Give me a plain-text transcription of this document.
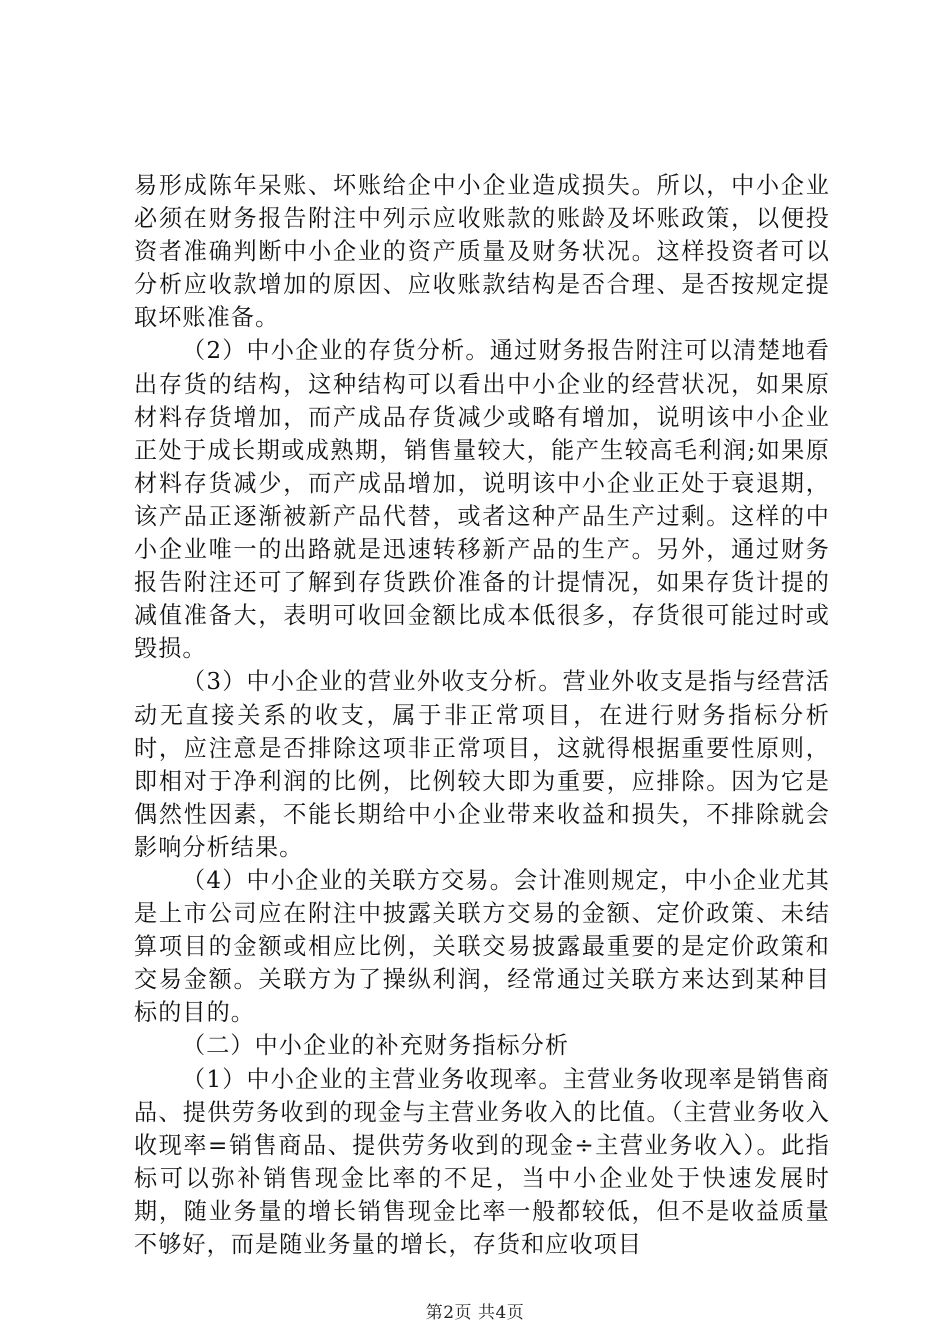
易形成陈年呆账、坏账给企中小企业造成损失。所以，中小企业必须在财务报告附注中列示应收账款的账龄及坏账政策，以便投资者准确判断中小企业的资产质量及财务状况。这样投资者可以分析应收款增加的原因、应收账款结构是否合理、是否按规定提取坏账准备。

（2）中小企业的存货分析。通过财务报告附注可以清楚地看出存货的结构，这种结构可以看出中小企业的经营状况，如果原材料存货增加，而产成品存货减少或略有增加，说明该中小企业正处于成长期或成熟期，销售量较大，能产生较高毛利润;如果原材料存货减少，而产成品增加，说明该中小企业正处于衰退期，该产品正逐渐被新产品代替，或者这种产品生产过剩。这样的中小企业唯一的出路就是迅速转移新产品的生产。另外，通过财务报告附注还可了解到存货跌价准备的计提情况，如果存货计提的减值准备大，表明可收回金额比成本低很多，存货很可能过时或毁损。

（3）中小企业的营业外收支分析。营业外收支是指与经营活动无直接关系的收支，属于非正常项目，在进行财务指标分析时，应注意是否排除这项非正常项目，这就得根据重要性原则，即相对于净利润的比例，比例较大即为重要，应排除。因为它是偶然性因素，不能长期给中小企业带来收益和损失，不排除就会影响分析结果。

（4）中小企业的关联方交易。会计准则规定，中小企业尤其是上市公司应在附注中披露关联方交易的金额、定价政策、未结算项目的金额或相应比例，关联交易披露最重要的是定价政策和交易金额。关联方为了操纵利润，经常通过关联方来达到某种目标的目的。

（二）中小企业的补充财务指标分析

（1）中小企业的主营业务收现率。主营业务收现率是销售商品、提供劳务收到的现金与主营业务收入的比值。（主营业务收入收现率=销售商品、提供劳务收到的现金÷主营业务收入）。此指标可以弥补销售现金比率的不足，当中小企业处于快速发展时期，随业务量的增长销售现金比率一般都较低，但不是收益质量不够好，而是随业务量的增长，存货和应收项目

第2页 共4页
